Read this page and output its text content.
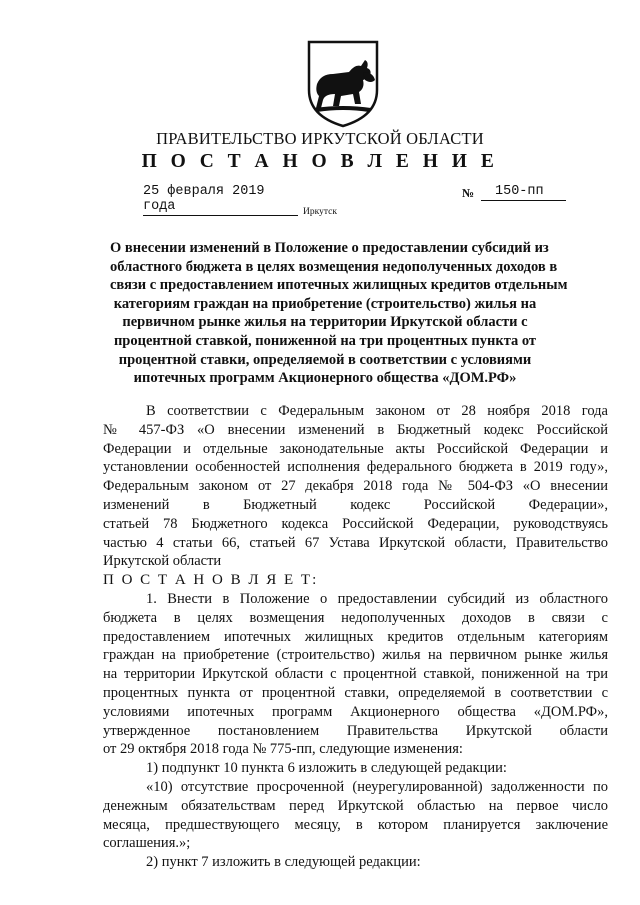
ПРАВИТЕЛЬСТВО ИРКУТСКОЙ ОБЛАСТИ
П О С Т А Н О В Л Е Н И Е
25 февраля 2019 года
№	150-пп
Иркутск
О внесении изменений в Положение о предоставлении субсидий из
областного бюджета в целях возмещения недополученных доходов в
связи с предоставлением ипотечных жилищных кредитов отдельным
категориям граждан на приобретение (строительство) жилья на
первичном рынке жилья на территории Иркутской области с
процентной ставкой, пониженной на три процентных пункта от
процентной ставки, определяемой в соответствии с условиями
ипотечных программ Акционерного общества «ДОМ.РФ»
В соответствии с Федеральным законом от 28 ноября 2018 года
№ 457-ФЗ «О внесении изменений в Бюджетный кодекс Российской
Федерации и отдельные законодательные акты Российской Федерации и
установлении особенностей исполнения федерального бюджета в 2019 году»,
Федеральным законом от 27 декабря 2018 года № 504-ФЗ «О внесении
изменений в Бюджетный кодекс Российской Федерации»,
статьей 78 Бюджетного кодекса Российской Федерации, руководствуясь
частью 4 статьи 66, статьей 67 Устава Иркутской области, Правительство
Иркутской области
П О С Т А Н О В Л Я Е Т:
1. Внести в Положение о предоставлении субсидий из областного
бюджета в целях возмещения недополученных доходов в связи с
предоставлением ипотечных жилищных кредитов отдельным категориям
граждан на приобретение (строительство) жилья на первичном рынке жилья
на территории Иркутской области с процентной ставкой, пониженной на три
процентных пункта от процентной ставки, определяемой в соответствии с
условиями ипотечных программ Акционерного общества «ДОМ.РФ»,
утвержденное постановлением Правительства Иркутской области
от 29 октября 2018 года № 775-пп, следующие изменения:
1) подпункт 10 пункта 6 изложить в следующей редакции:
«10) отсутствие просроченной (неурегулированной) задолженности по
денежным обязательствам перед Иркутской областью на первое число
месяца, предшествующего месяцу, в котором планируется заключение
соглашения.»;
2) пункт 7 изложить в следующей редакции:
